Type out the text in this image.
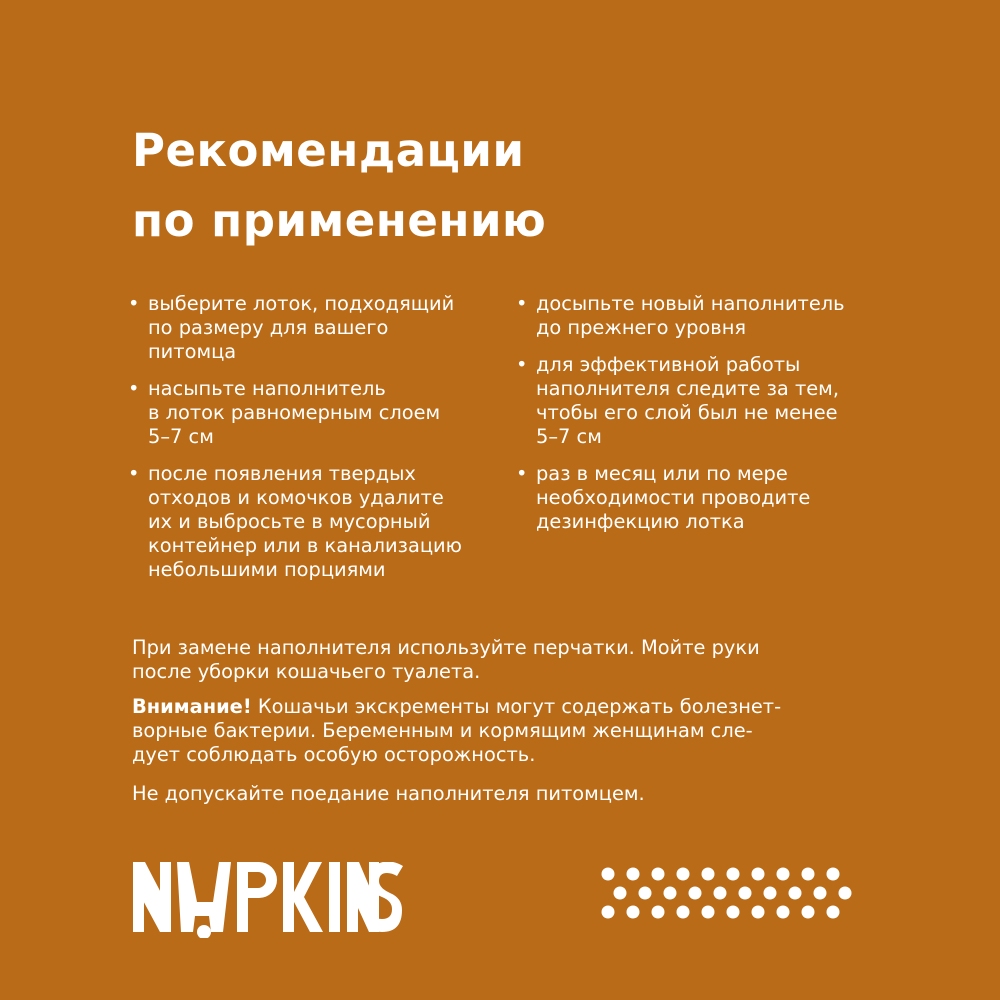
Рекомендации
по применению
• выберите лоток, подходящий
по размеру для вашего
питомца
• насыпьте наполнитель
в лоток равномерным слоем
5–7 см
• после появления твердых
отходов и комочков удалите
их и выбросьте в мусорный
контейнер или в канализацию
небольшими порциями
• досыпьте новый наполнитель
до прежнего уровня
• для эффективной работы
наполнителя следите за тем,
чтобы его слой был не менее
5–7 см
• раз в месяц или по мере
необходимости проводите
дезинфекцию лотка

При замене наполнителя используйте перчатки. Мойте руки
после уборки кошачьего туалета.

Внимание! Кошачьи экскременты могут содержать болезнет-
ворные бактерии. Беременным и кормящим женщинам сле-
дует соблюдать особую осторожность.

Не допускайте поедание наполнителя питомцем.
